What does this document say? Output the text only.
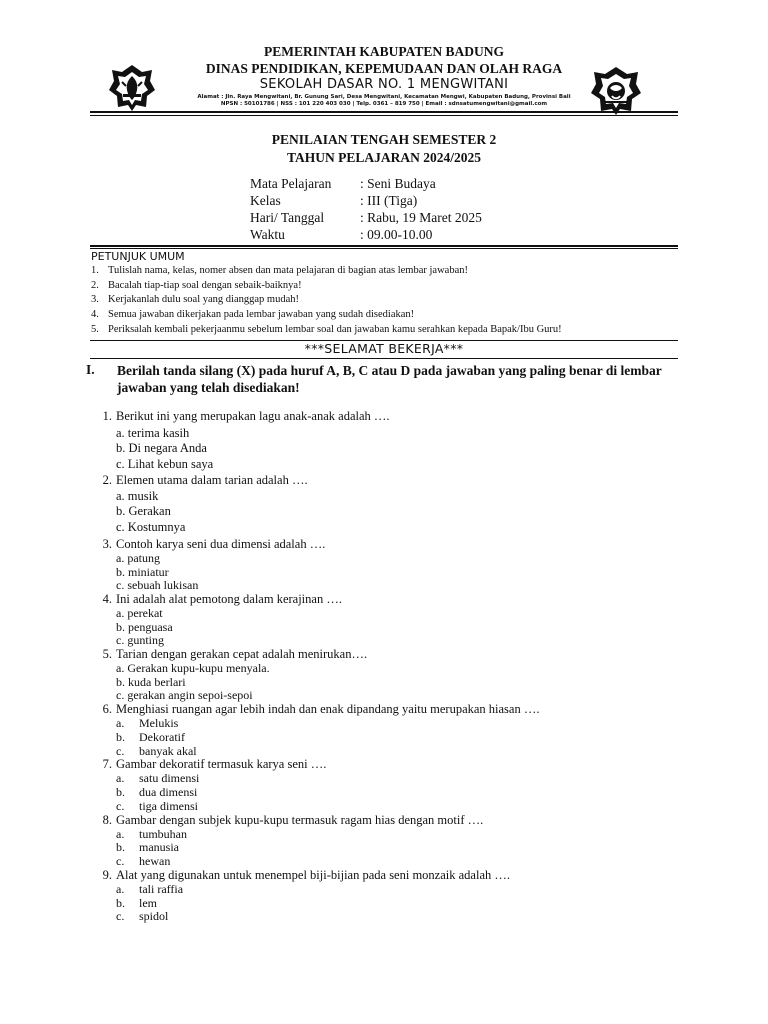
PEMERINTAH KABUPATEN BADUNG
DINAS PENDIDIKAN, KEPEMUDAAN DAN OLAH RAGA
SEKOLAH DASAR NO. 1 MENGWITANI
Alamat : Jln. Raya Mengwitani, Br. Gunung Sari, Desa Mengwitani, Kecamatan Mengwi, Kabupaten Badung, Provinsi Bali
NPSN : 50101786 | NSS : 101 220 403 030 | Telp. 0361 – 819 750 | Email : sdnsatumengwitani@gmail.com
PENILAIAN TENGAH SEMESTER 2
TAHUN PELAJARAN 2024/2025
Mata Pelajaran : Seni Budaya
Kelas	: III (Tiga)
Hari/ Tanggal	: Rabu, 19 Maret 2025
Waktu	: 09.00-10.00
PETUNJUK UMUM
1. Tulislah nama, kelas, nomer absen dan mata pelajaran di bagian atas lembar jawaban!
2. Bacalah tiap-tiap soal dengan sebaik-baiknya!
3. Kerjakanlah dulu soal yang dianggap mudah!
4. Semua jawaban dikerjakan pada lembar jawaban yang sudah disediakan!
5. Periksalah kembali pekerjaanmu sebelum lembar soal dan jawaban kamu serahkan kepada Bapak/Ibu Guru!
***SELAMAT BEKERJA***
I. Berilah tanda silang (X) pada huruf A, B, C atau D pada jawaban yang paling benar di lembar jawaban yang telah disediakan!
1. Berikut ini yang merupakan lagu anak-anak adalah ….
a. terima kasih
b. Di negara Anda
c. Lihat kebun saya
2. Elemen utama dalam tarian adalah ….
a. musik
b. Gerakan
c. Kostumnya
3. Contoh karya seni dua dimensi adalah ….
a. patung
b. miniatur
c. sebuah lukisan
4. Ini adalah alat pemotong dalam kerajinan ….
a. perekat
b. penguasa
c. gunting
5. Tarian dengan gerakan cepat adalah menirukan….
a. Gerakan kupu-kupu menyala.
b. kuda berlari
c. gerakan angin sepoi-sepoi
6. Menghiasi ruangan agar lebih indah dan enak dipandang yaitu merupakan hiasan ….
a. Melukis
b. Dekoratif
c. banyak akal
7. Gambar dekoratif termasuk karya seni ….
a. satu dimensi
b. dua dimensi
c. tiga dimensi
8. Gambar dengan subjek kupu-kupu termasuk ragam hias dengan motif ….
a. tumbuhan
b. manusia
c. hewan
9. Alat yang digunakan untuk menempel biji-bijian pada seni monzaik adalah ….
a. tali raffia
b. lem
c. spidol
